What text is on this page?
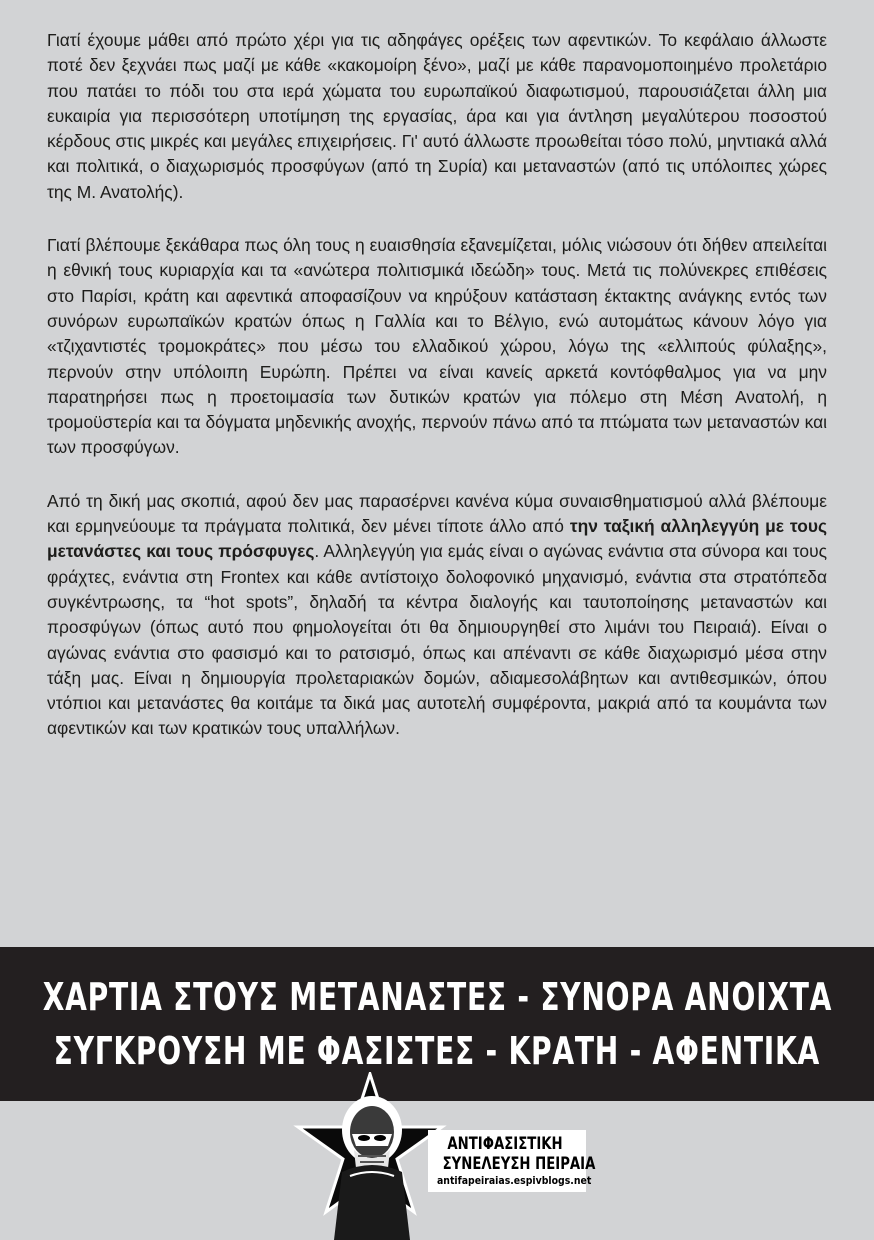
Γιατί έχουμε μάθει από πρώτο χέρι για τις αδηφάγες ορέξεις των αφεντικών. Το κεφάλαιο άλλωστε ποτέ δεν ξεχνάει πως μαζί με κάθε «κακομοίρη ξένο», μαζί με κάθε παρανομοποιημένο προλετάριο που πατάει το πόδι του στα ιερά χώματα του ευρωπαϊκού διαφωτισμού, παρουσιάζεται άλλη μια ευκαιρία για περισσότερη υποτίμηση της εργασίας, άρα και για άντληση μεγαλύτερου ποσοστού κέρδους στις μικρές και μεγάλες επιχειρήσεις. Γι' αυτό άλλωστε προωθείται τόσο πολύ, μηντιακά αλλά και πολιτικά, ο διαχωρισμός προσφύγων (από τη Συρία) και μεταναστών (από τις υπόλοιπες χώρες της Μ. Ανατολής).

Γιατί βλέπουμε ξεκάθαρα πως όλη τους η ευαισθησία εξανεμίζεται, μόλις νιώσουν ότι δήθεν απειλείται η εθνική τους κυριαρχία και τα «ανώτερα πολιτισμικά ιδεώδη» τους. Μετά τις πολύνεκρες επιθέσεις στο Παρίσι, κράτη και αφεντικά αποφασίζουν να κηρύξουν κατάσταση έκτακτης ανάγκης εντός των συνόρων ευρωπαϊκών κρατών όπως η Γαλλία και το Βέλγιο, ενώ αυτομάτως κάνουν λόγο για «τζιχαντιστές τρομοκράτες» που μέσω του ελλαδικού χώρου, λόγω της «ελλιπούς φύλαξης», περνούν στην υπόλοιπη Ευρώπη. Πρέπει να είναι κανείς αρκετά κοντόφθαλμος για να μην παρατηρήσει πως η προετοιμασία των δυτικών κρατών για πόλεμο στη Μέση Ανατολή, η τρομοϋστερία και τα δόγματα μηδενικής ανοχής, περνούν πάνω από τα πτώματα των μεταναστών και των προσφύγων.

Από τη δική μας σκοπιά, αφού δεν μας παρασέρνει κανένα κύμα συναισθηματισμού αλλά βλέπουμε και ερμηνεύουμε τα πράγματα πολιτικά, δεν μένει τίποτε άλλο από την ταξική αλληλεγγύη με τους μετανάστες και τους πρόσφυγες. Αλληλεγγύη για εμάς είναι ο αγώνας ενάντια στα σύνορα και τους φράχτες, ενάντια στη Frontex και κάθε αντίστοιχο δολοφονικό μηχανισμό, ενάντια στα στρατόπεδα συγκέντρωσης, τα “hot spots”, δηλαδή τα κέντρα διαλογής και ταυτοποίησης μεταναστών και προσφύγων (όπως αυτό που φημολογείται ότι θα δημιουργηθεί στο λιμάνι του Πειραιά). Είναι ο αγώνας ενάντια στο φασισμό και το ρατσισμό, όπως και απέναντι σε κάθε διαχωρισμό μέσα στην τάξη μας. Είναι η δημιουργία προλεταριακών δομών, αδιαμεσολάβητων και αντιθεσμικών, όπου ντόπιοι και μετανάστες θα κοιτάμε τα δικά μας αυτοτελή συμφέροντα, μακριά από τα κουμάντα των αφεντικών και των κρατικών τους υπαλλήλων.

ΧΑΡΤΙΑ ΣΤΟΥΣ ΜΕΤΑΝΑΣΤΕΣ - ΣΥΝΟΡΑ ΑΝΟΙΧΤΑ
ΣΥΓΚΡΟΥΣΗ ΜΕ ΦΑΣΙΣΤΕΣ - ΚΡΑΤΗ - ΑΦΕΝΤΙΚΑ
ΑΝΤΙΦΑΣΙΣΤΙΚΗ
ΣΥΝΕΛΕΥΣΗ ΠΕΙΡΑΙΑ
antifapeiraias.espivblogs.net
